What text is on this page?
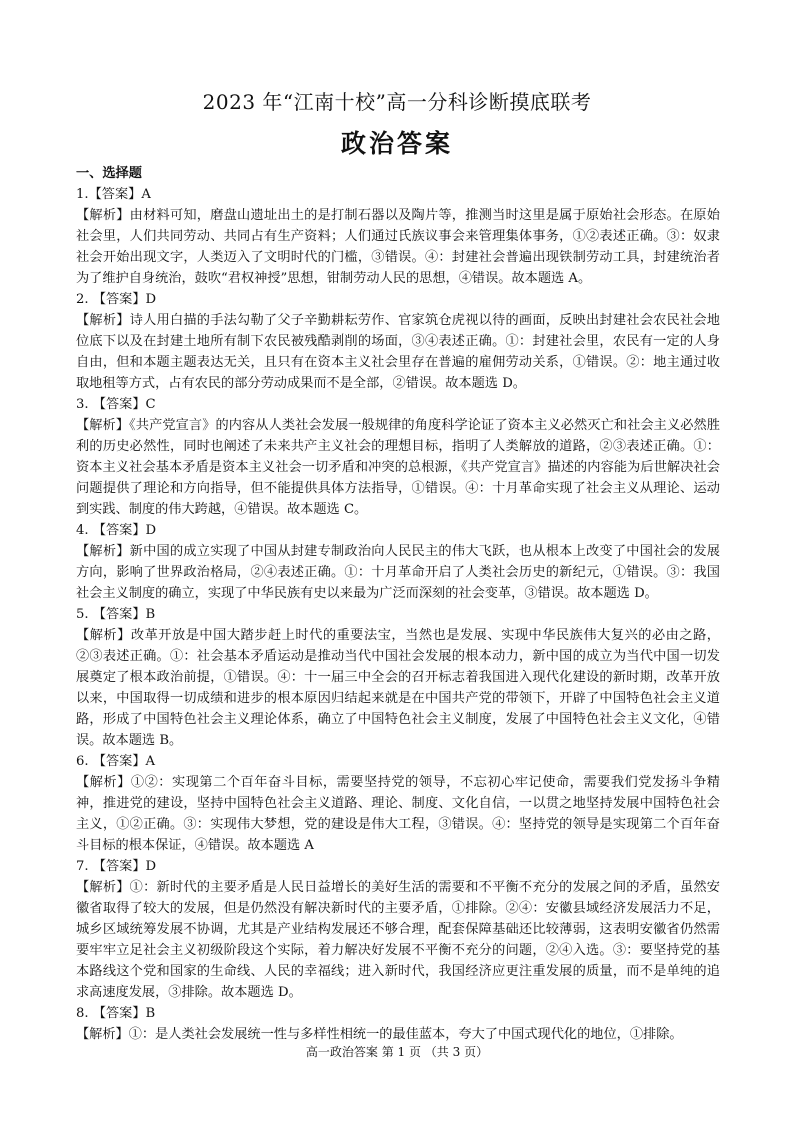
2023 年“江南十校”高一分科诊断摸底联考
政治答案

一、选择题

1.【答案】A

【解析】由材料可知，磨盘山遗址出土的是打制石器以及陶片等，推测当时这里是属于原始社会形态。在原始社会里，人们共同劳动、共同占有生产资料；人们通过氏族议事会来管理集体事务，①②表述正确。③：奴隶社会开始出现文字，人类迈入了文明时代的门槛，③错误。④：封建社会普遍出现铁制劳动工具，封建统治者为了维护自身统治，鼓吹“君权神授”思想，钳制劳动人民的思想，④错误。故本题选 A。

2. 【答案】D

【解析】诗人用白描的手法勾勒了父子辛勤耕耘劳作、官家筑仓虎视以待的画面，反映出封建社会农民社会地位底下以及在封建土地所有制下农民被残酷剥削的场面，③④表述正确。①：封建社会里，农民有一定的人身自由，但和本题主题表达无关，且只有在资本主义社会里存在普遍的雇佣劳动关系，①错误。②：地主通过收取地租等方式，占有农民的部分劳动成果而不是全部，②错误。故本题选 D。

3. 【答案】C

【解析】《共产党宣言》的内容从人类社会发展一般规律的角度科学论证了资本主义必然灭亡和社会主义必然胜利的历史必然性，同时也阐述了未来共产主义社会的理想目标，指明了人类解放的道路，②③表述正确。①：资本主义社会基本矛盾是资本主义社会一切矛盾和冲突的总根源，《共产党宣言》描述的内容能为后世解决社会问题提供了理论和方向指导，但不能提供具体方法指导，①错误。④：十月革命实现了社会主义从理论、运动到实践、制度的伟大跨越，④错误。故本题选 C。

4. 【答案】D

【解析】新中国的成立实现了中国从封建专制政治向人民民主的伟大飞跃，也从根本上改变了中国社会的发展方向，影响了世界政治格局，②④表述正确。①：十月革命开启了人类社会历史的新纪元，①错误。③：我国社会主义制度的确立，实现了中华民族有史以来最为广泛而深刻的社会变革，③错误。故本题选 D。

5. 【答案】B

【解析】改革开放是中国大踏步赶上时代的重要法宝，当然也是发展、实现中华民族伟大复兴的必由之路，②③表述正确。①：社会基本矛盾运动是推动当代中国社会发展的根本动力，新中国的成立为当代中国一切发展奠定了根本政治前提，①错误。④：十一届三中全会的召开标志着我国进入现代化建设的新时期，改革开放以来，中国取得一切成绩和进步的根本原因归结起来就是在中国共产党的带领下，开辟了中国特色社会主义道路，形成了中国特色社会主义理论体系，确立了中国特色社会主义制度，发展了中国特色社会主义文化，④错误。故本题选 B。

6. 【答案】A

【解析】①②：实现第二个百年奋斗目标，需要坚持党的领导，不忘初心牢记使命，需要我们党发扬斗争精神，推进党的建设，坚持中国特色社会主义道路、理论、制度、文化自信，一以贯之地坚持发展中国特色社会主义，①②正确。③：实现伟大梦想，党的建设是伟大工程，③错误。④：坚持党的领导是实现第二个百年奋斗目标的根本保证，④错误。故本题选 A

7. 【答案】D

【解析】①：新时代的主要矛盾是人民日益增长的美好生活的需要和不平衡不充分的发展之间的矛盾，虽然安徽省取得了较大的发展，但是仍然没有解决新时代的主要矛盾，①排除。②④：安徽县域经济发展活力不足，城乡区域统筹发展不协调，尤其是产业结构发展还不够合理，配套保障基础还比较薄弱，这表明安徽省仍然需要牢牢立足社会主义初级阶段这个实际，着力解决好发展不平衡不充分的问题，②④入选。③：要坚持党的基本路线这个党和国家的生命线、人民的幸福线；进入新时代，我国经济应更注重发展的质量，而不是单纯的追求高速度发展，③排除。故本题选 D。

8. 【答案】B

【解析】①：是人类社会发展统一性与多样性相统一的最佳蓝本，夸大了中国式现代化的地位，①排除。

高一政治答案 第 1 页 （共 3 页）
